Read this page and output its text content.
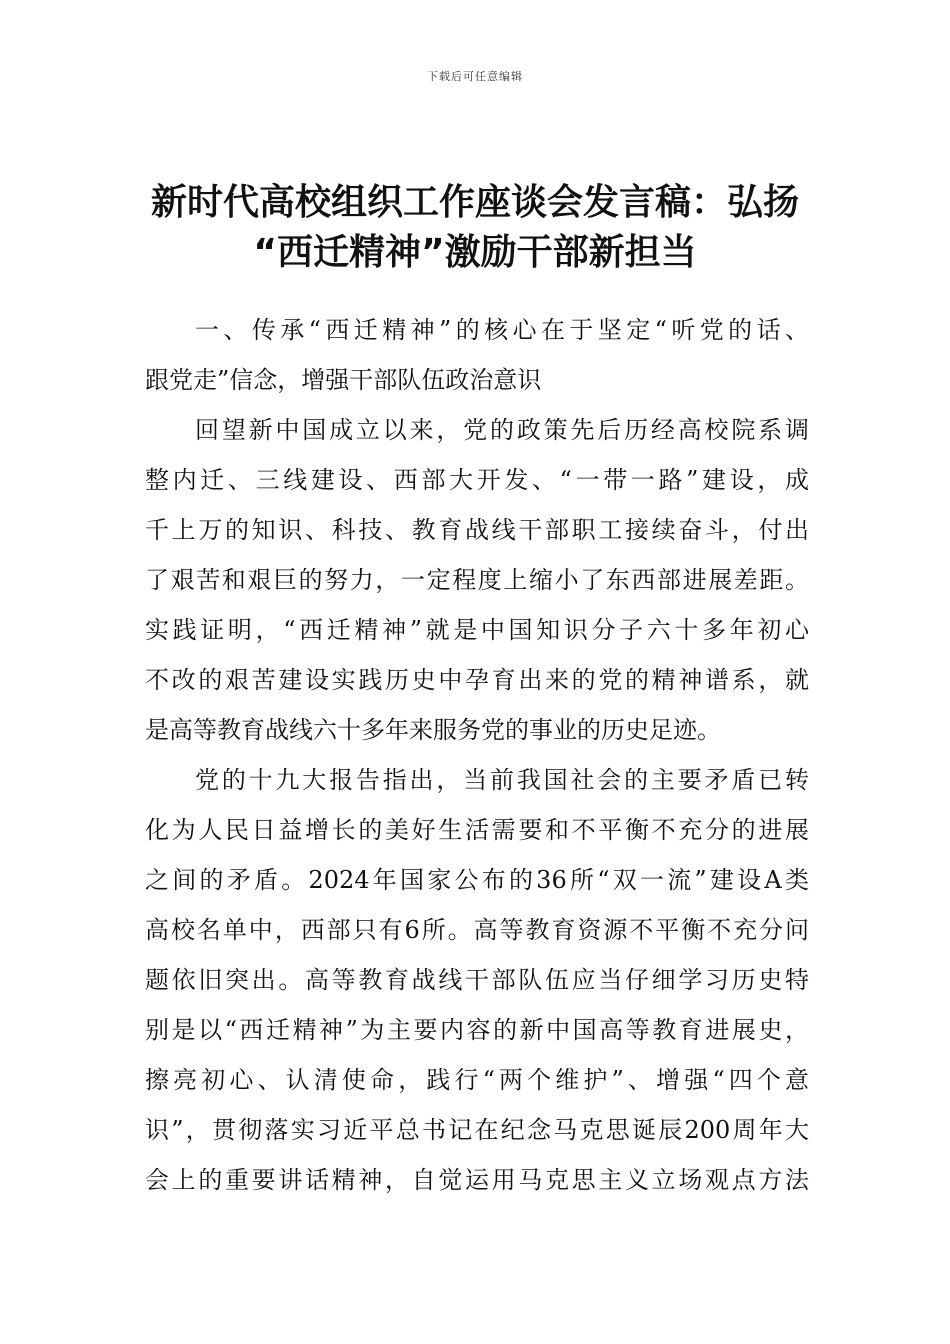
下载后可任意编辑
新时代高校组织工作座谈会发言稿：弘扬
“西迁精神”激励干部新担当
一、传承“西迁精神”的核心在于坚定“听党的话、
跟党走”信念，增强干部队伍政治意识
回望新中国成立以来，党的政策先后历经高校院系调
整内迁、三线建设、西部大开发、“一带一路”建设，成
千上万的知识、科技、教育战线干部职工接续奋斗，付出
了艰苦和艰巨的努力，一定程度上缩小了东西部进展差距。
实践证明，“西迁精神”就是中国知识分子六十多年初心
不改的艰苦建设实践历史中孕育出来的党的精神谱系，就
是高等教育战线六十多年来服务党的事业的历史足迹。
党的十九大报告指出，当前我国社会的主要矛盾已转
化为人民日益增长的美好生活需要和不平衡不充分的进展
之间的矛盾。2024年国家公布的36所“双一流”建设A类
高校名单中，西部只有6所。高等教育资源不平衡不充分问
题依旧突出。高等教育战线干部队伍应当仔细学习历史特
别是以“西迁精神”为主要内容的新中国高等教育进展史，
擦亮初心、认清使命，践行“两个维护”、增强“四个意
识”，贯彻落实习近平总书记在纪念马克思诞辰200周年大
会上的重要讲话精神，自觉运用马克思主义立场观点方法
